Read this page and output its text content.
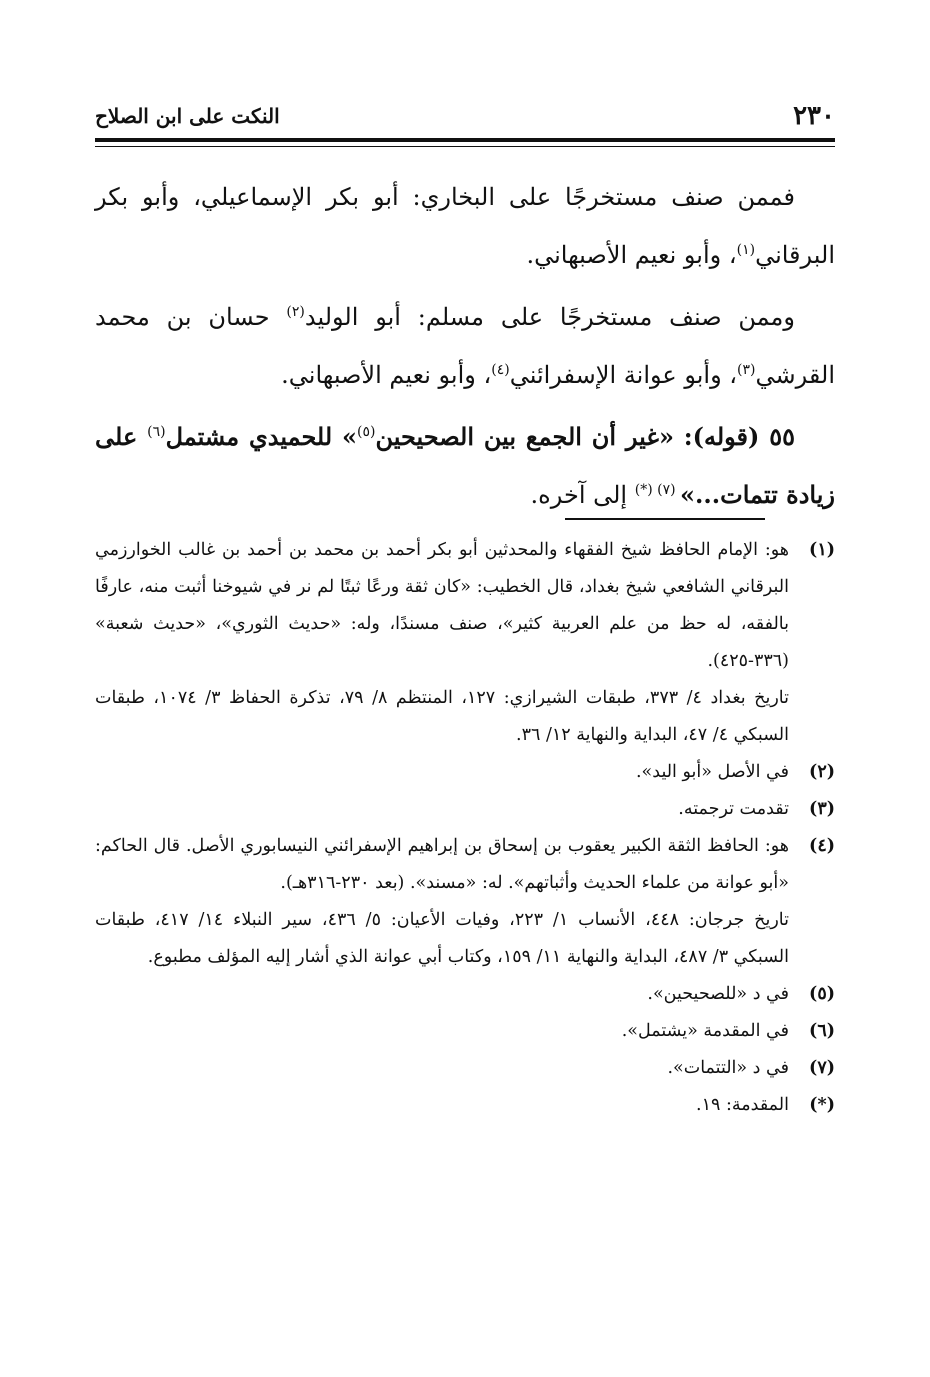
٢٣٠
النكت على ابن الصلاح

فممن صنف مستخرجًا على البخاري: أبو بكر الإسماعيلي، وأبو بكر البرقاني$^{(١)}$، وأبو نعيم الأصبهاني.

وممن صنف مستخرجًا على مسلم: أبو الوليد$^{(٢)}$ حسان بن محمد القرشي$^{(٣)}$، وأبو عوانة الإسفرائني$^{(٤)}$، وأبو نعيم الأصبهاني.

٥٥ (قوله): «غير أن الجمع بين الصحيحين$^{(٥)}$» للحميدي مشتمل$^{(٦)}$ على زيادة تتمات...» $^{(٧) (*)}$ إلى آخره.

(١)

هو: الإمام الحافظ شيخ الفقهاء والمحدثين أبو بكر أحمد بن محمد بن أحمد بن غالب الخوارزمي البرقاني الشافعي شيخ بغداد، قال الخطيب: «كان ثقة ورعًا ثبتًا لم نر في شيوخنا أثبت منه، عارفًا بالفقه، له حظ من علم العربية كثير»، صنف مسندًا، وله: «حديث الثوري»، «حديث شعبة» (٣٣٦-٤٢٥).

تاريخ بغداد ٤/ ٣٧٣، طبقات الشيرازي: ١٢٧، المنتظم ٨/ ٧٩، تذكرة الحفاظ ٣/ ١٠٧٤، طبقات السبكي ٤/ ٤٧، البداية والنهاية ١٢/ ٣٦.

(٢)

في الأصل «أبو اليد».

(٣)

تقدمت ترجمته.

(٤)

هو: الحافظ الثقة الكبير يعقوب بن إسحاق بن إبراهيم الإسفرائني النيسابوري الأصل. قال الحاكم: «أبو عوانة من علماء الحديث وأثباتهم». له: «مسند». (بعد ٢٣٠-٣١٦هـ).

تاريخ جرجان: ٤٤٨، الأنساب ١/ ٢٢٣، وفيات الأعيان: ٥/ ٤٣٦، سير النبلاء ١٤/ ٤١٧، طبقات السبكي ٣/ ٤٨٧، البداية والنهاية ١١/ ١٥٩، وكتاب أبي عوانة الذي أشار إليه المؤلف مطبوع.

(٥)

في د «للصحيحين».

(٦)

في المقدمة «يشتمل».

(٧)

في د «التتمات».

(*)

المقدمة: ١٩.
